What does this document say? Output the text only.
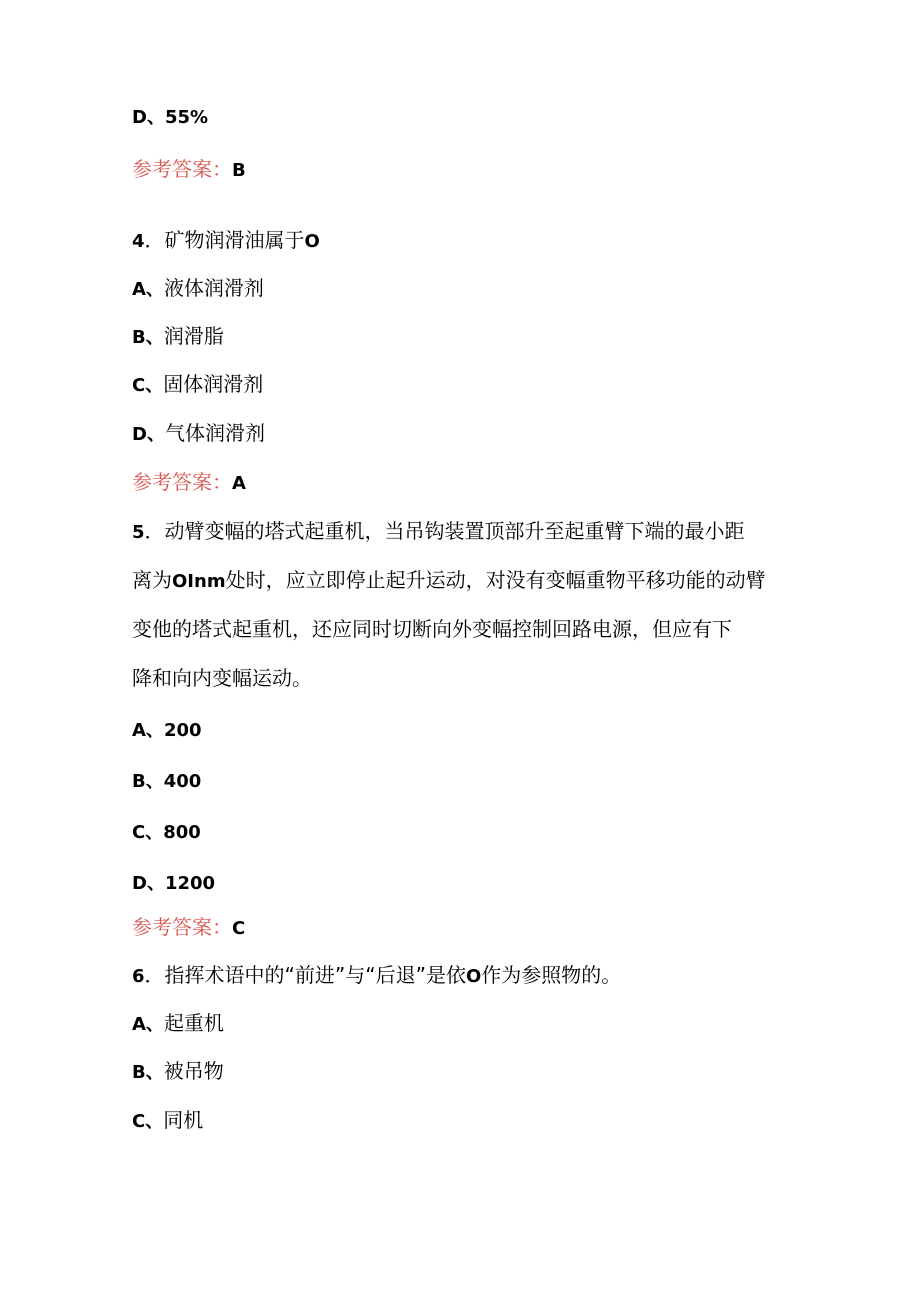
D、55%
参考答案：B
4．矿物润滑油属于O
A、液体润滑剂
B、润滑脂
C、固体润滑剂
D、气体润滑剂
参考答案：A
5．动臂变幅的塔式起重机，当吊钩装置顶部升至起重臂下端的最小距
离为OInm处时，应立即停止起升运动，对没有变幅重物平移功能的动臂
变他的塔式起重机，还应同时切断向外变幅控制回路电源，但应有下
降和向内变幅运动。
A、200
B、400
C、800
D、1200
参考答案：C
6．指挥术语中的“前进”与“后退”是依O作为参照物的。
A、起重机
B、被吊物
C、同机
